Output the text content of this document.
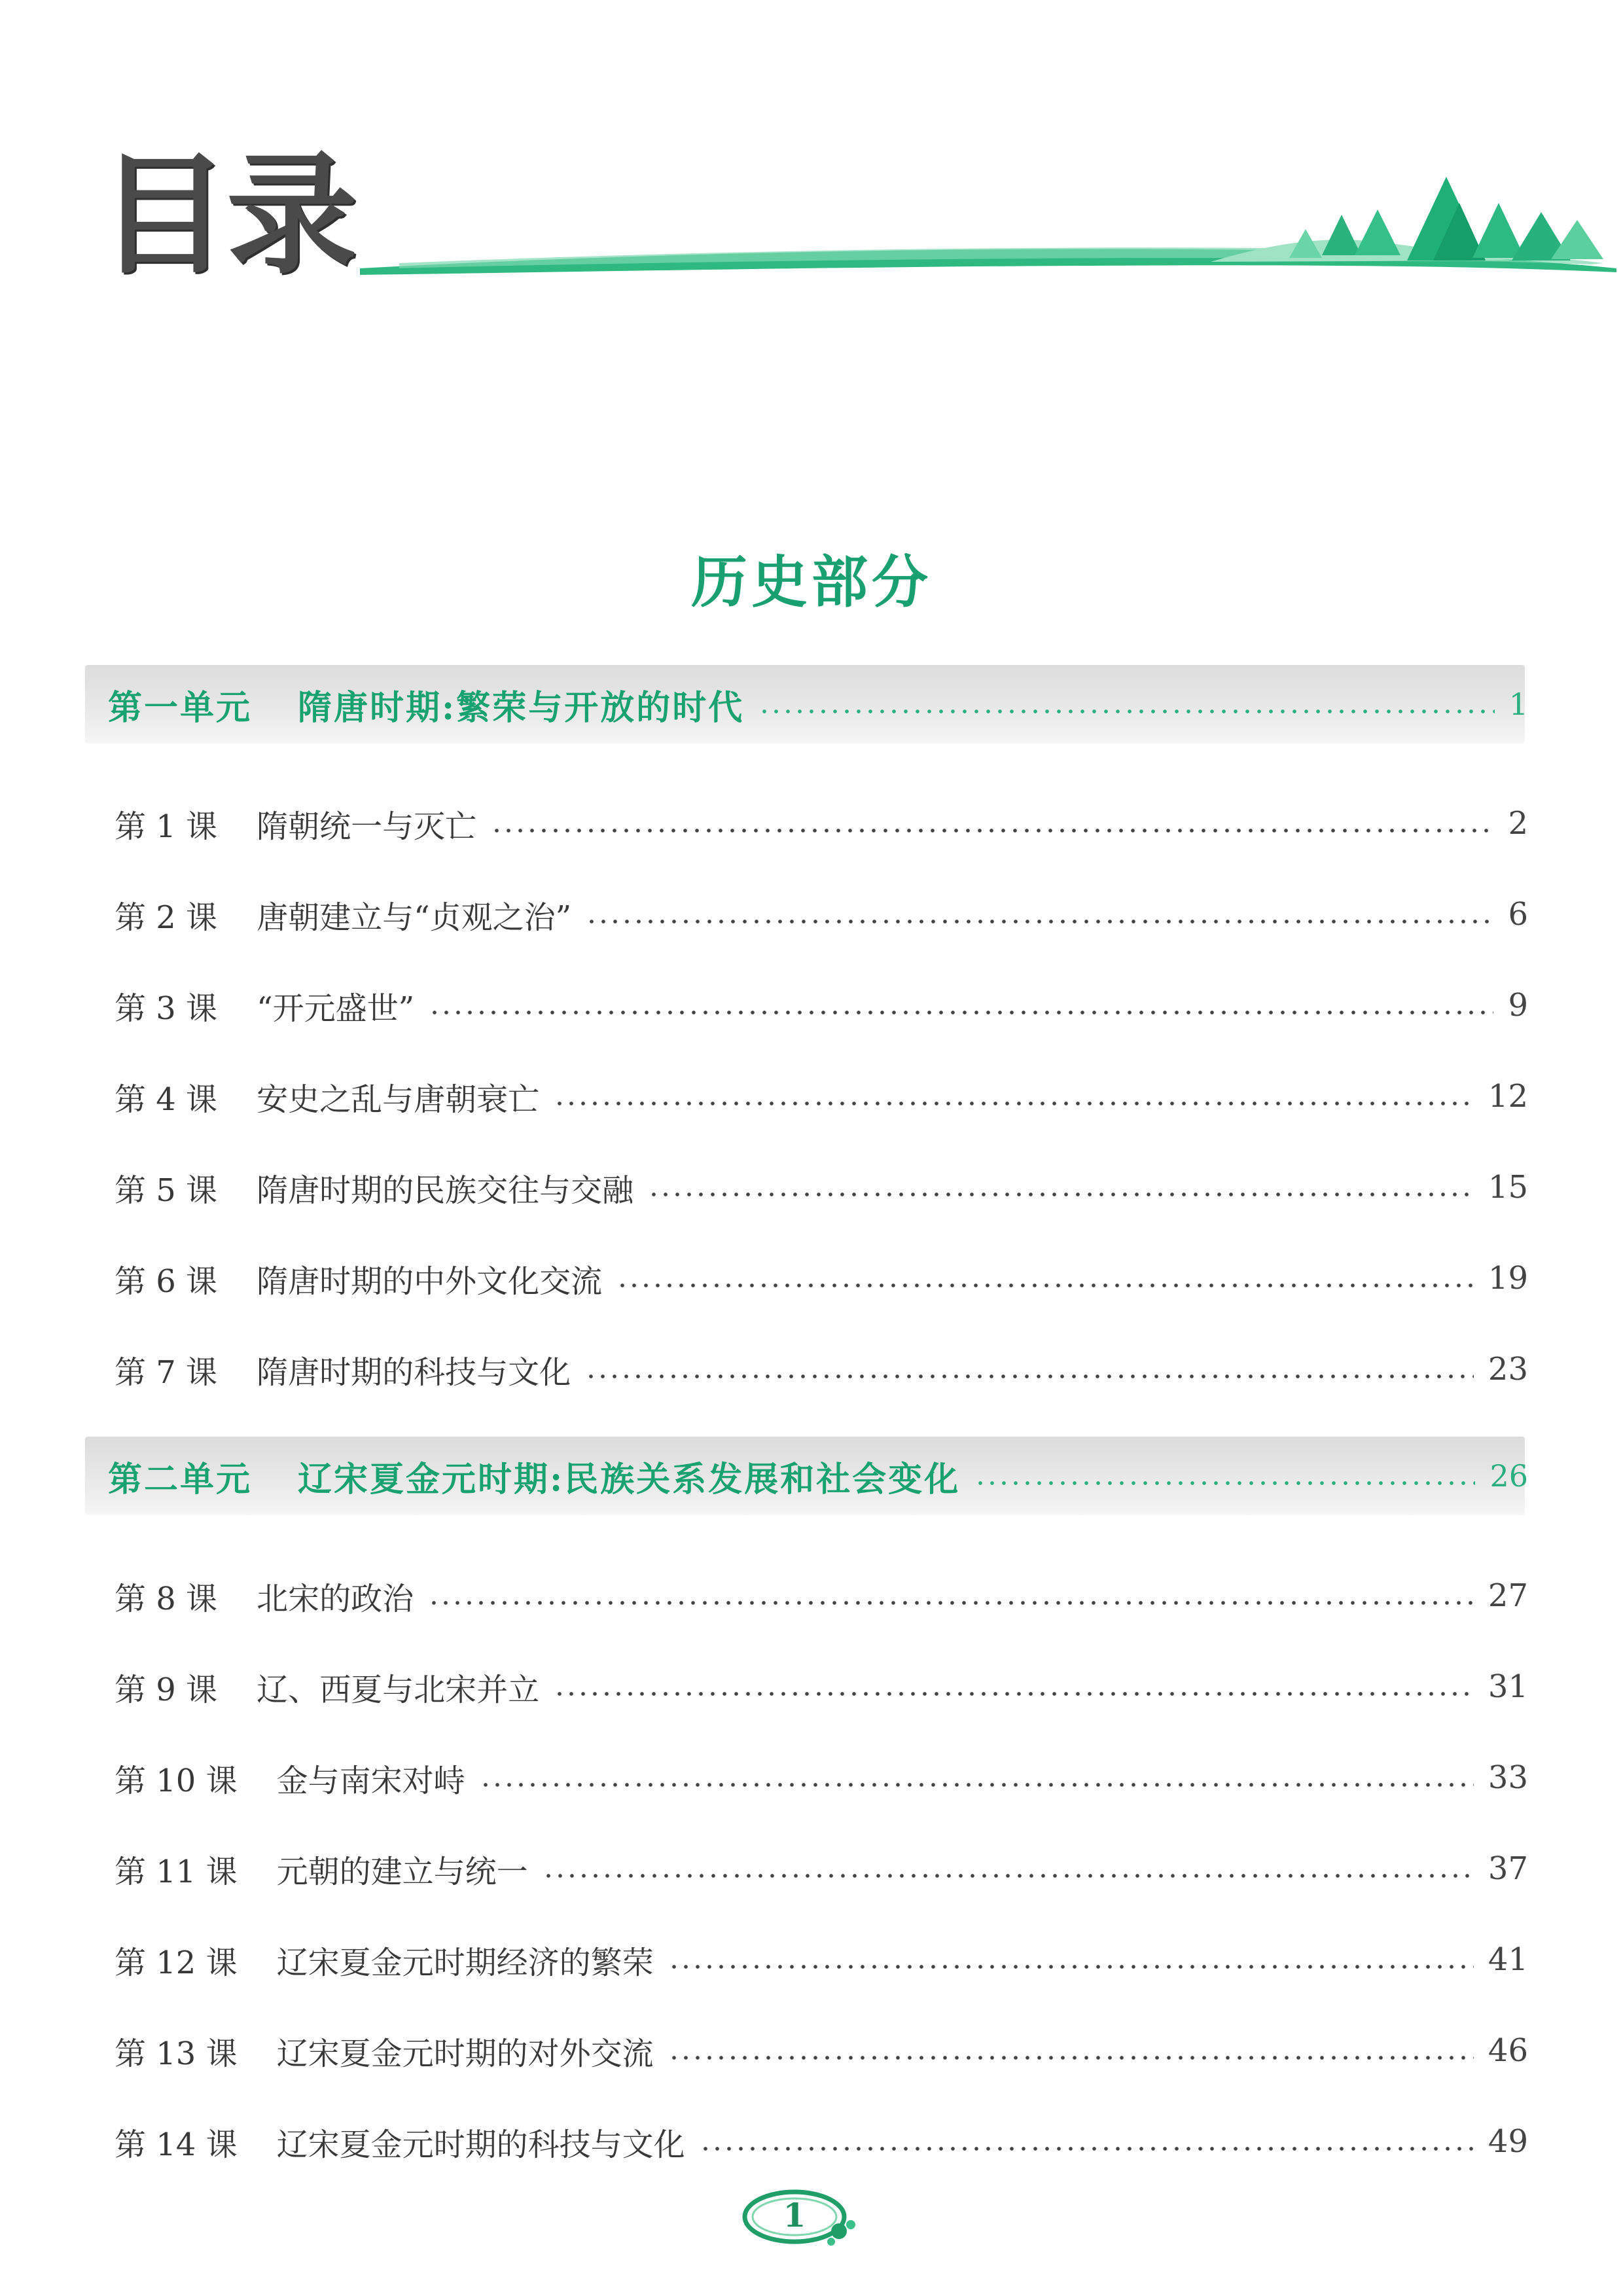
目录
历史部分
第一单元 隋唐时期:繁荣与开放的时代	1
第 1 课 隋朝统一与灭亡	2
第 2 课 唐朝建立与“贞观之治”	6
第 3 课 “开元盛世”	9
第 4 课 安史之乱与唐朝衰亡	12
第 5 课 隋唐时期的民族交往与交融	15
第 6 课 隋唐时期的中外文化交流	19
第 7 课 隋唐时期的科技与文化	23
第二单元 辽宋夏金元时期:民族关系发展和社会变化	26
第 8 课 北宋的政治	27
第 9 课 辽、西夏与北宋并立	31
第 10 课 金与南宋对峙	33
第 11 课 元朝的建立与统一	37
第 12 课 辽宋夏金元时期经济的繁荣	41
第 13 课 辽宋夏金元时期的对外交流	46
第 14 课 辽宋夏金元时期的科技与文化	49
1
